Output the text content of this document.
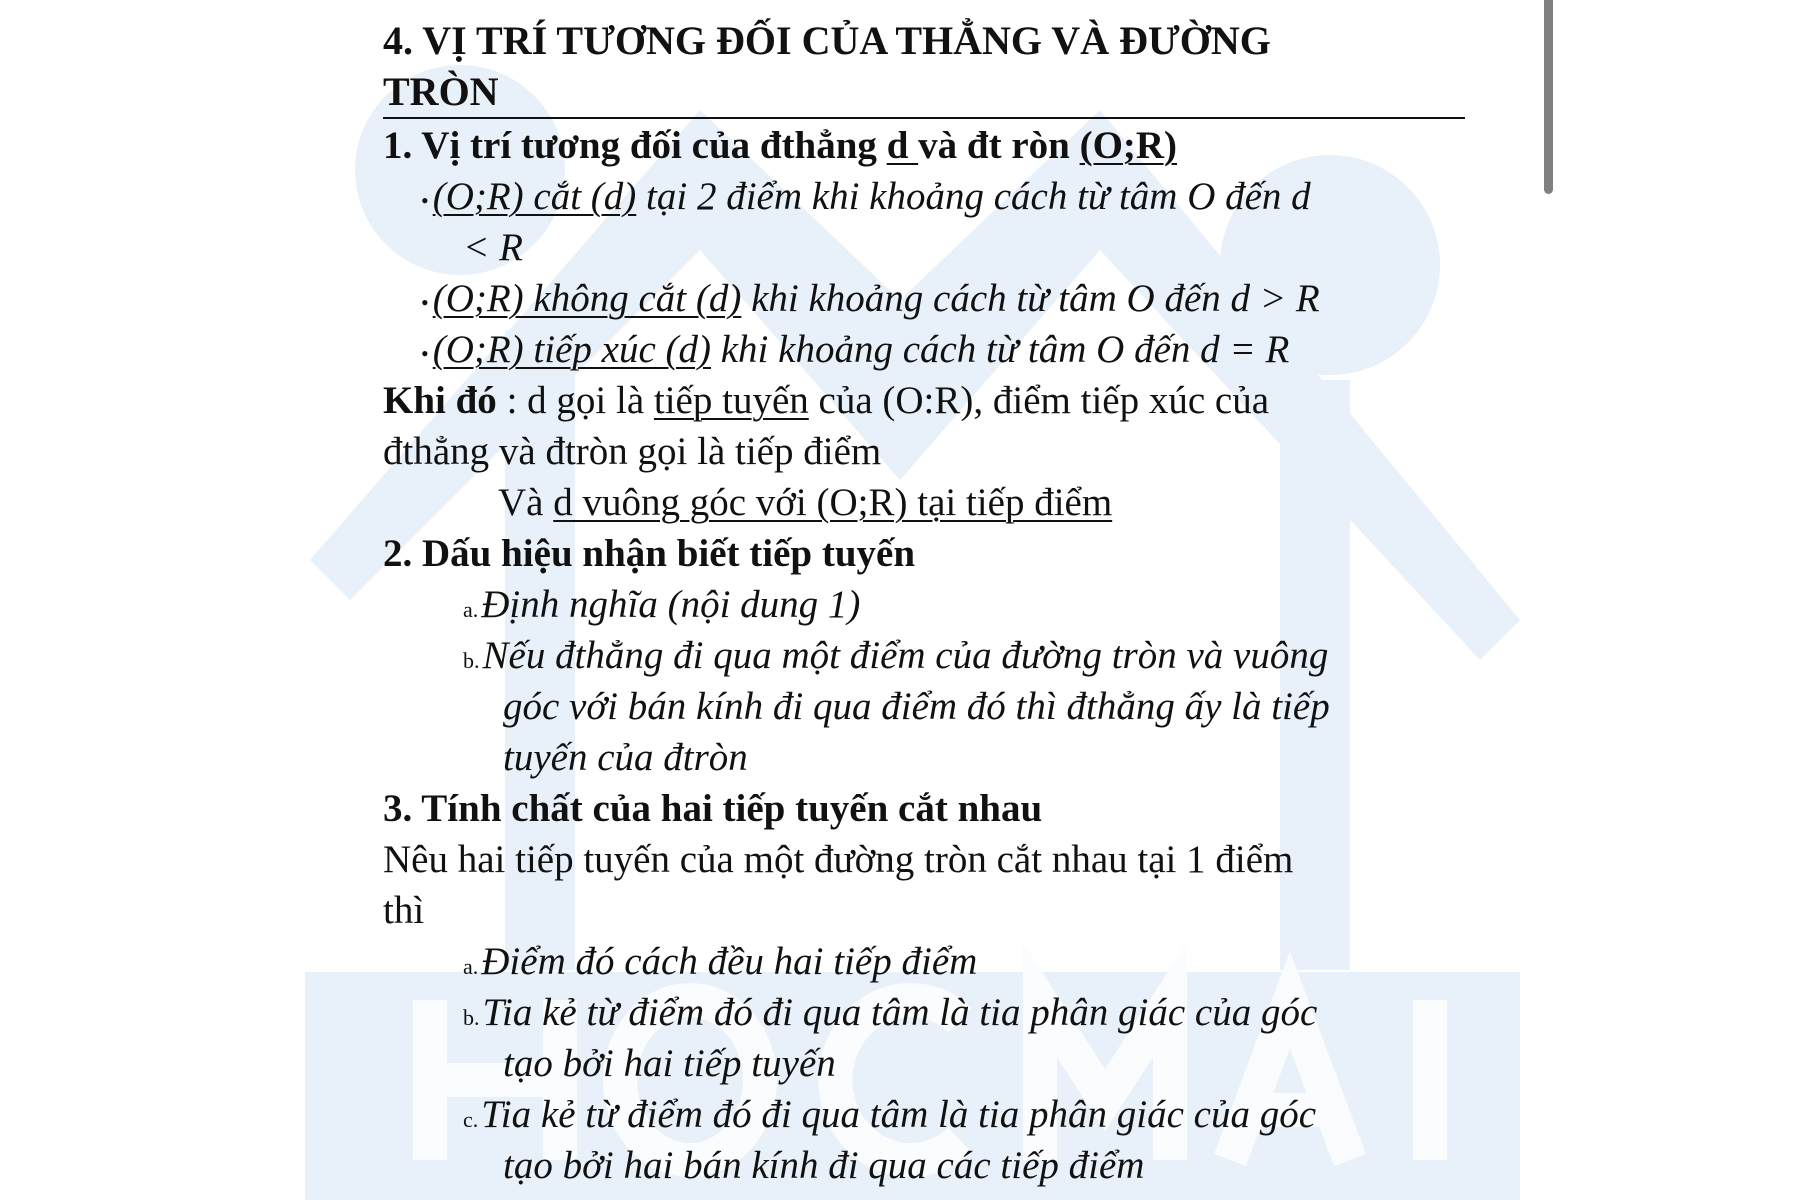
4. VỊ TRÍ TƯƠNG ĐỐI CỦA THẲNG VÀ ĐƯỜNG
TRÒN
1. Vị trí tương đối của đthẳng d và đt ròn (O;R)
• (O;R) cắt (d) tại 2 điểm khi khoảng cách từ tâm O đến d
< R
• (O;R) không cắt (d) khi khoảng cách từ tâm O đến d > R
• (O;R) tiếp xúc (d) khi khoảng cách từ tâm O đến d = R
Khi đó : d gọi là tiếp tuyến của (O:R), điểm tiếp xúc của
đthẳng và đtròn gọi là tiếp điểm
Và d vuông góc với (O;R) tại tiếp điểm
2. Dấu hiệu nhận biết tiếp tuyến
a.Định nghĩa (nội dung 1)
b.Nếu đthẳng đi qua một điểm của đường tròn và vuông
góc với bán kính đi qua điểm đó thì đthẳng ấy là tiếp
tuyến của đtròn
3. Tính chất của hai tiếp tuyến cắt nhau
Nêu hai tiếp tuyến của một đường tròn cắt nhau tại 1 điểm
thì
a.Điểm đó cách đều hai tiếp điểm
b.Tia kẻ từ điểm đó đi qua tâm là tia phân giác của góc
tạo bởi hai tiếp tuyến
c.Tia kẻ từ điểm đó đi qua tâm là tia phân giác của góc
tạo bởi hai bán kính đi qua các tiếp điểm
